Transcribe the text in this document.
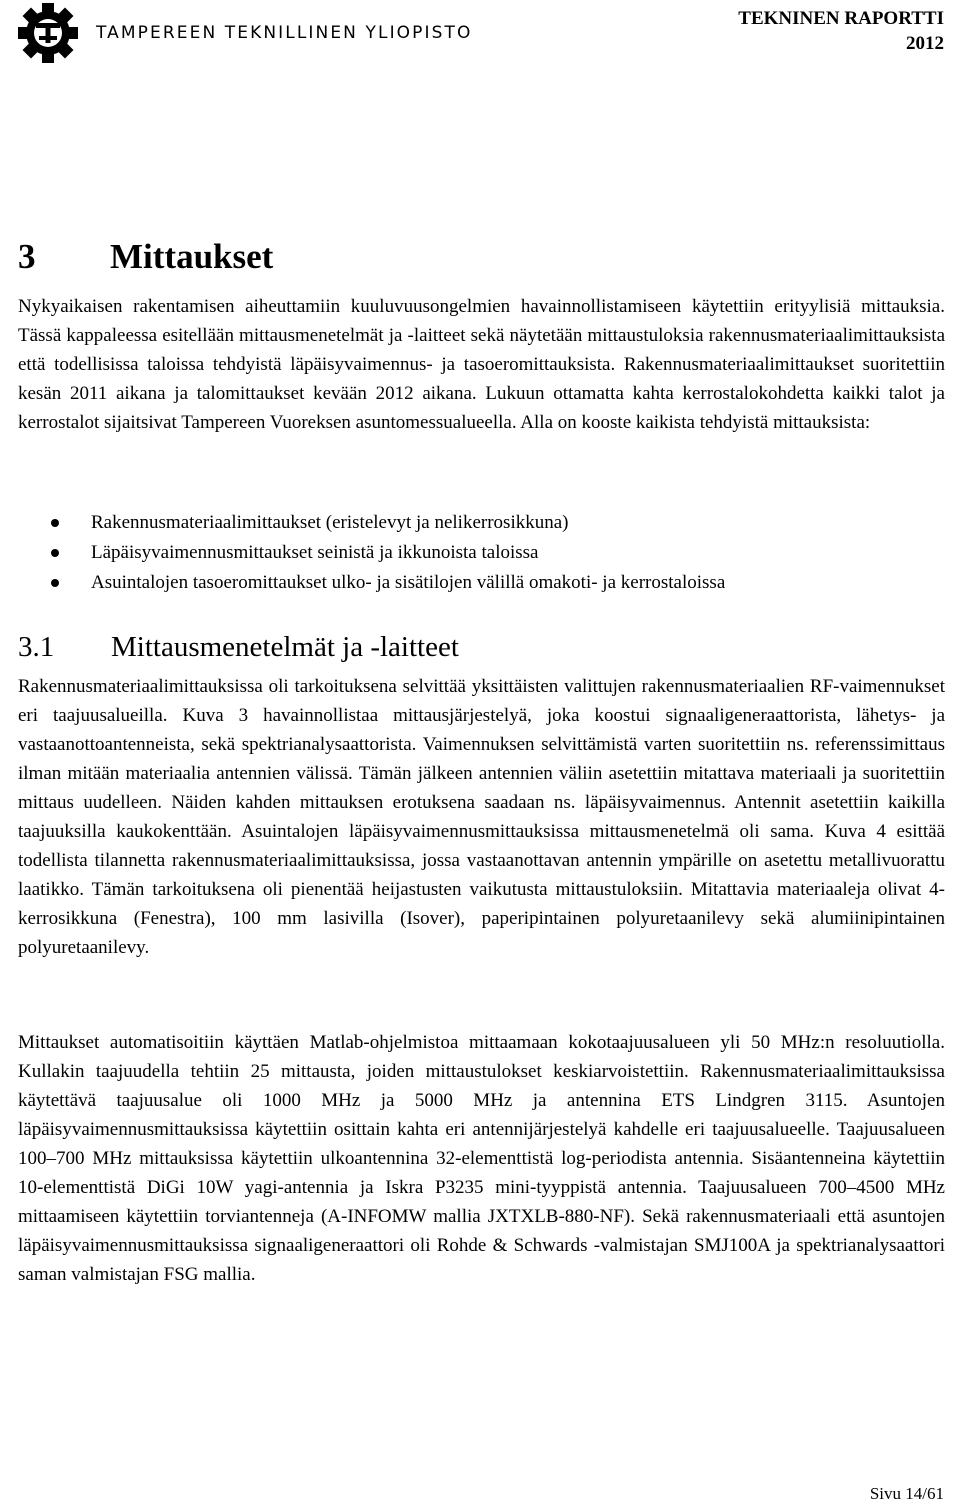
TAMPEREEN TEKNILLINEN YLIOPISTO
TEKNINEN RAPORTTI
2012
3 Mittaukset

Nykyaikaisen rakentamisen aiheuttamiin kuuluvuusongelmien havainnollistamiseen käytettiin erityylisiä mittauksia. Tässä kappaleessa esitellään mittausmenetelmät ja -laitteet sekä näytetään mittaustuloksia rakennusmateriaalimittauksista että todellisissa taloissa tehdyistä läpäisyvaimennus- ja tasoeromittauksista. Rakennusmateriaalimittaukset suoritettiin kesän 2011 aikana ja talomittaukset kevään 2012 aikana. Lukuun ottamatta kahta kerrostalokohdetta kaikki talot ja kerrostalot sijaitsivat Tampereen Vuoreksen asuntomessualueella. Alla on kooste kaikista tehdyistä mittauksista:

Rakennusmateriaalimittaukset (eristelevyt ja nelikerrosikkuna)
Läpäisyvaimennusmittaukset seinistä ja ikkunoista taloissa
Asuintalojen tasoeromittaukset ulko- ja sisätilojen välillä omakoti- ja kerrostaloissa
3.1 Mittausmenetelmät ja -laitteet

Rakennusmateriaalimittauksissa oli tarkoituksena selvittää yksittäisten valittujen rakennusmateriaalien RF-vaimennukset eri taajuusalueilla. Kuva 3 havainnollistaa mittausjärjestelyä, joka koostui signaaligeneraattorista, lähetys- ja vastaanottoantenneista, sekä spektrianalysaattorista. Vaimennuksen selvittämistä varten suoritettiin ns. referenssimittaus ilman mitään materiaalia antennien välissä. Tämän jälkeen antennien väliin asetettiin mitattava materiaali ja suoritettiin mittaus uudelleen. Näiden kahden mittauksen erotuksena saadaan ns. läpäisyvaimennus. Antennit asetettiin kaikilla taajuuksilla kaukokenttään. Asuintalojen läpäisyvaimennusmittauksissa mittausmenetelmä oli sama. Kuva 4 esittää todellista tilannetta rakennusmateriaalimittauksissa, jossa vastaanottavan antennin ympärille on asetettu metallivuorattu laatikko. Tämän tarkoituksena oli pienentää heijastusten vaikutusta mittaustuloksiin. Mitattavia materiaaleja olivat 4-kerrosikkuna (Fenestra), 100 mm lasivilla (Isover), paperipintainen polyuretaanilevy sekä alumiinipintainen polyuretaanilevy.

Mittaukset automatisoitiin käyttäen Matlab-ohjelmistoa mittaamaan kokotaajuusalueen yli 50 MHz:n resoluutiolla. Kullakin taajuudella tehtiin 25 mittausta, joiden mittaustulokset keskiarvoistettiin. Rakennusmateriaalimittauksissa käytettävä taajuusalue oli 1000 MHz ja 5000 MHz ja antennina ETS Lindgren 3115. Asuntojen läpäisyvaimennusmittauksissa käytettiin osittain kahta eri antennijärjestelyä kahdelle eri taajuusalueelle. Taajuusalueen 100–700 MHz mittauksissa käytettiin ulkoantennina 32-elementtistä log-periodista antennia. Sisäantenneina käytettiin 10-elementtistä DiGi 10W yagi-antennia ja Iskra P3235 mini-tyyppistä antennia. Taajuusalueen 700–4500 MHz mittaamiseen käytettiin torviantenneja (A-INFOMW mallia JXTXLB-880-NF). Sekä rakennusmateriaali että asuntojen läpäisyvaimennusmittauksissa signaaligeneraattori oli Rohde & Schwards -valmistajan SMJ100A ja spektrianalysaattori saman valmistajan FSG mallia.

Sivu 14/61
